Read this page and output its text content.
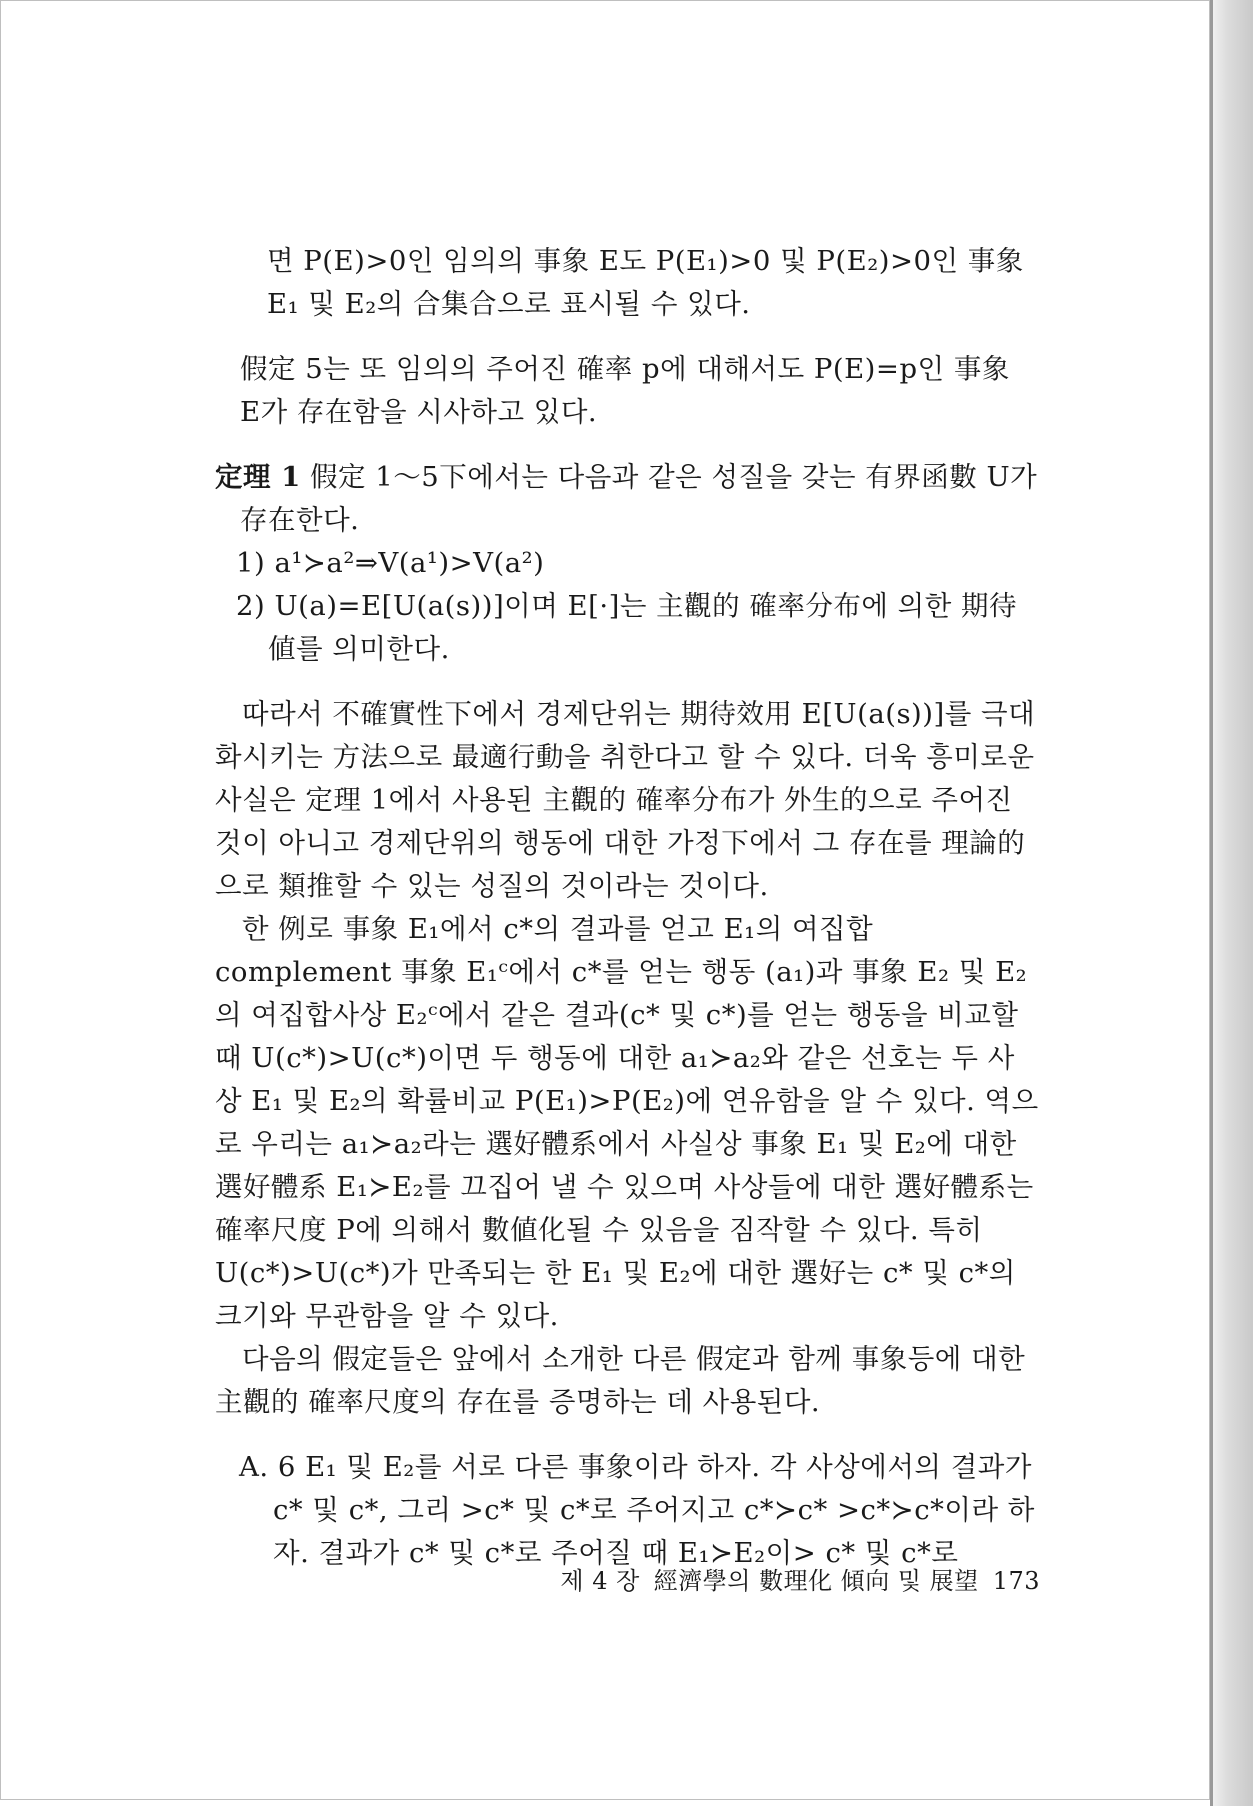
면 P(E)>0인 임의의 事象 E도 P(E₁)>0 및 P(E₂)>0인 事象

E₁ 및 E₂의 合集合으로 표시될 수 있다.

假定 5는 또 임의의 주어진 確率 p에 대해서도 P(E)=p인 事象

E가 存在함을 시사하고 있다.

定理 1 假定 1～5下에서는 다음과 같은 성질을 갖는 有界函數 U가 存在한다.

1) a¹≻a²⇒V(a¹)>V(a²)

2) U(a)=E[U(a(s))]이며 E[·]는 主觀的 確率分布에 의한 期待値를 의미한다.

따라서 不確實性下에서 경제단위는 期待效用 E[U(a(s))]를 극대화시키는 方法으로 最適行動을 취한다고 할 수 있다. 더욱 흥미로운 사실은 定理 1에서 사용된 主觀的 確率分布가 外生的으로 주어진 것이 아니고 경제단위의 행동에 대한 가정下에서 그 存在를 理論的으로 類推할 수 있는 성질의 것이라는 것이다.

한 例로 事象 E₁에서 c*의 결과를 얻고 E₁의 여집합 complement 事象 E₁ᶜ에서 c*를 얻는 행동 (a₁)과 事象 E₂ 및 E₂의 여집합사상 E₂ᶜ에서 같은 결과(c* 및 c*)를 얻는 행동을 비교할 때 U(c*)>U(c*)이면 두 행동에 대한 a₁≻a₂와 같은 선호는 두 사상 E₁ 및 E₂의 확률비교 P(E₁)>P(E₂)에 연유함을 알 수 있다. 역으로 우리는 a₁≻a₂라는 選好體系에서 사실상 事象 E₁ 및 E₂에 대한 選好體系 E₁≻E₂를 끄집어 낼 수 있으며 사상들에 대한 選好體系는 確率尺度 P에 의해서 數値化될 수 있음을 짐작할 수 있다. 특히 U(c*)>U(c*)가 만족되는 한 E₁ 및 E₂에 대한 選好는 c* 및 c*의 크기와 무관함을 알 수 있다.

다음의 假定들은 앞에서 소개한 다른 假定과 함께 事象등에 대한 主觀的 確率尺度의 存在를 증명하는 데 사용된다.

A. 6 E₁ 및 E₂를 서로 다른 事象이라 하자. 각 사상에서의 결과가 c* 및 c*, 그리 >c* 및 c*로 주어지고 c*≻c* >c*≻c*이라 하자. 결과가 c* 및 c*로 주어질 때 E₁≻E₂이> c* 및 c*로

제 4 장 經濟學의 數理化 傾向 및 展望 173
